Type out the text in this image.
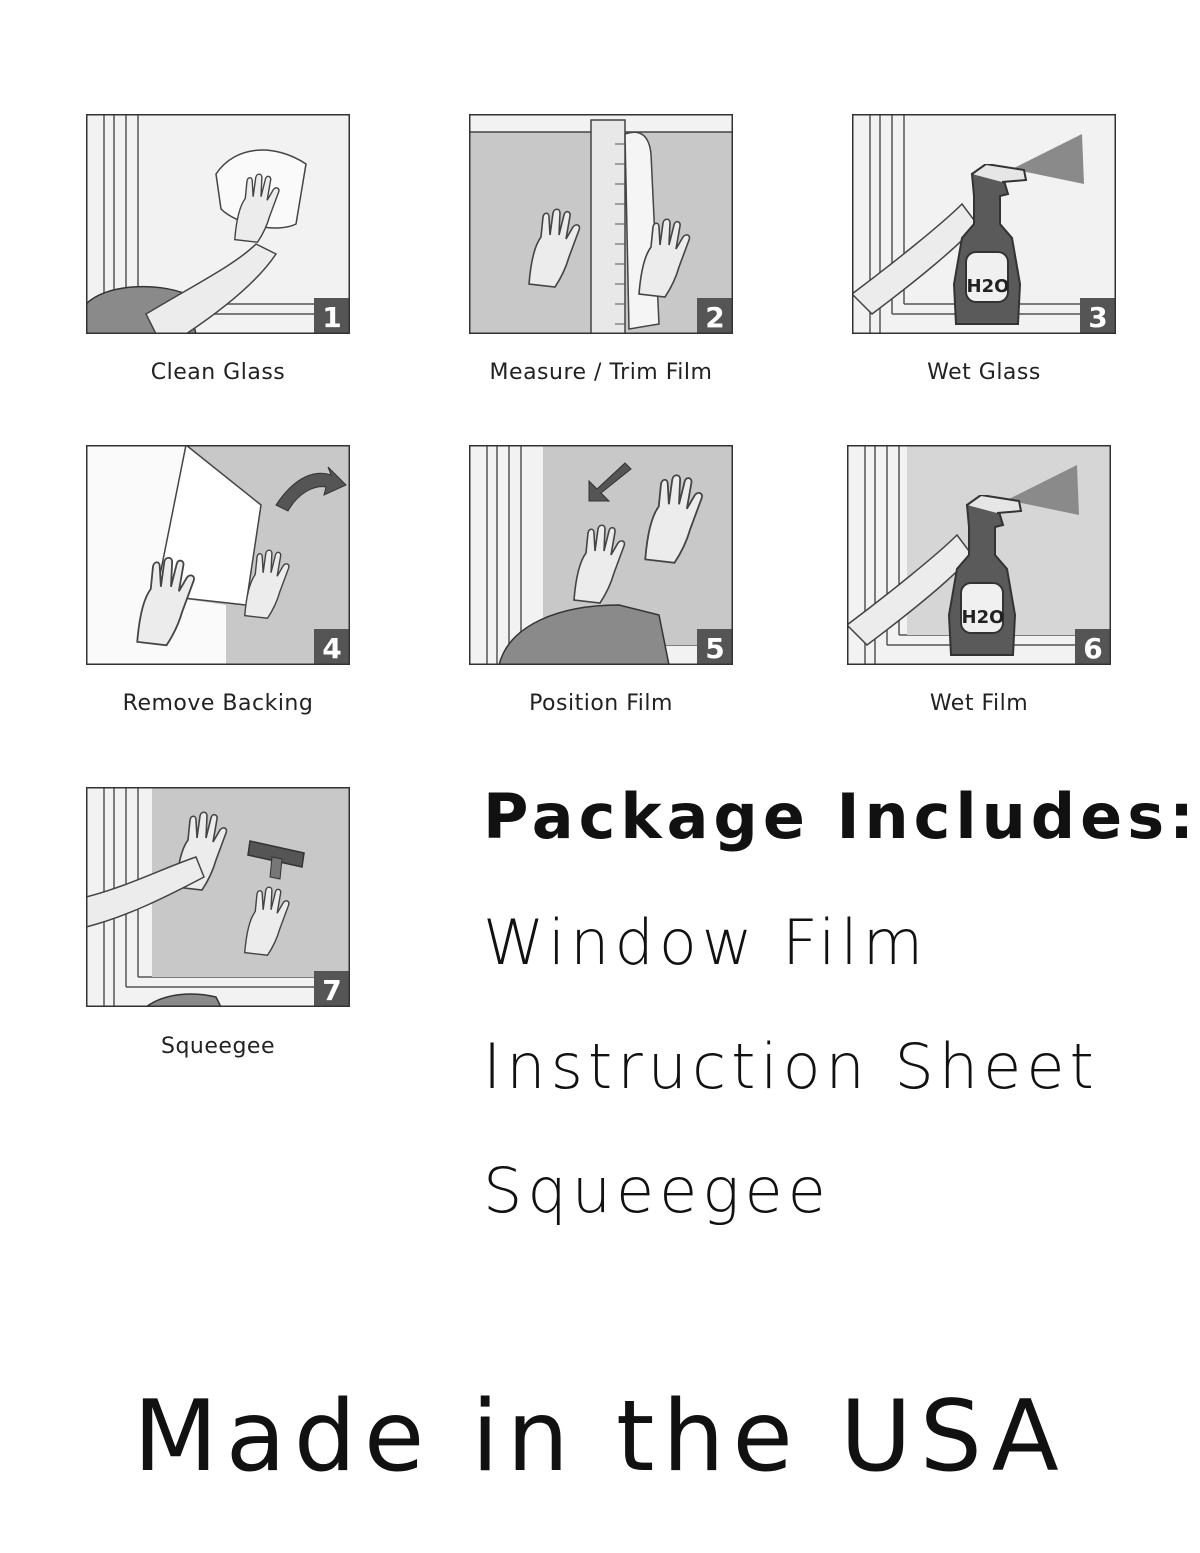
1
Clean Glass
2
Measure / Trim Film
H2O
3
Wet Glass
4
Remove Backing
5
Position Film
H2O
6
Wet Film
7
Squeegee
Package Includes:
Window Film
Instruction Sheet
Squeegee
Made in the USA
